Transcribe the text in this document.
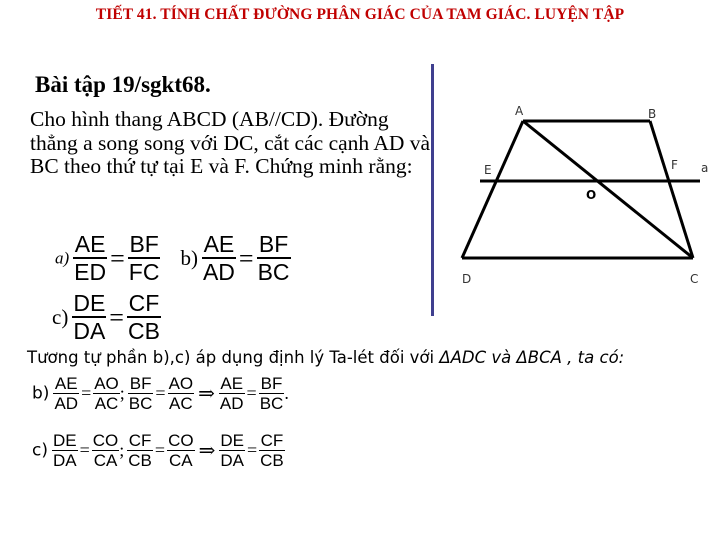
TIẾT 41. TÍNH CHẤT ĐƯỜNG PHÂN GIÁC CỦA TAM GIÁC. LUYỆN TẬP
Bài tập 19/sgkt68.
Cho hình thang ABCD (AB//CD). Đường thẳng a song song với DC, cắt các cạnh AD và BC theo thứ tự tại E và F. Chứng minh rằng:
$a) \frac{AE}{ED} = \frac{BF}{FC} b) \frac{AE}{AD} = \frac{BF}{BC}$
$c) \frac{DE}{DA} = \frac{CF}{CB}$
Tương tự phần b),c) áp dụng định lý Ta-lét đối với ΔADC và ΔBCA , ta có:
$b) \frac{AE}{AD} = \frac{AO}{AC}$ ; $\frac{BF}{BC} = \frac{AO}{AC}$ ⇒ $\frac{AE}{AD} = \frac{BF}{BC}$ .
$c) \frac{DE}{DA} = \frac{CO}{CA}$ ; $\frac{CF}{CB} = \frac{CO}{CA}$ ⇒ $\frac{DE}{DA} = \frac{CF}{CB}$
A	B
C
D
E	F
O
a
